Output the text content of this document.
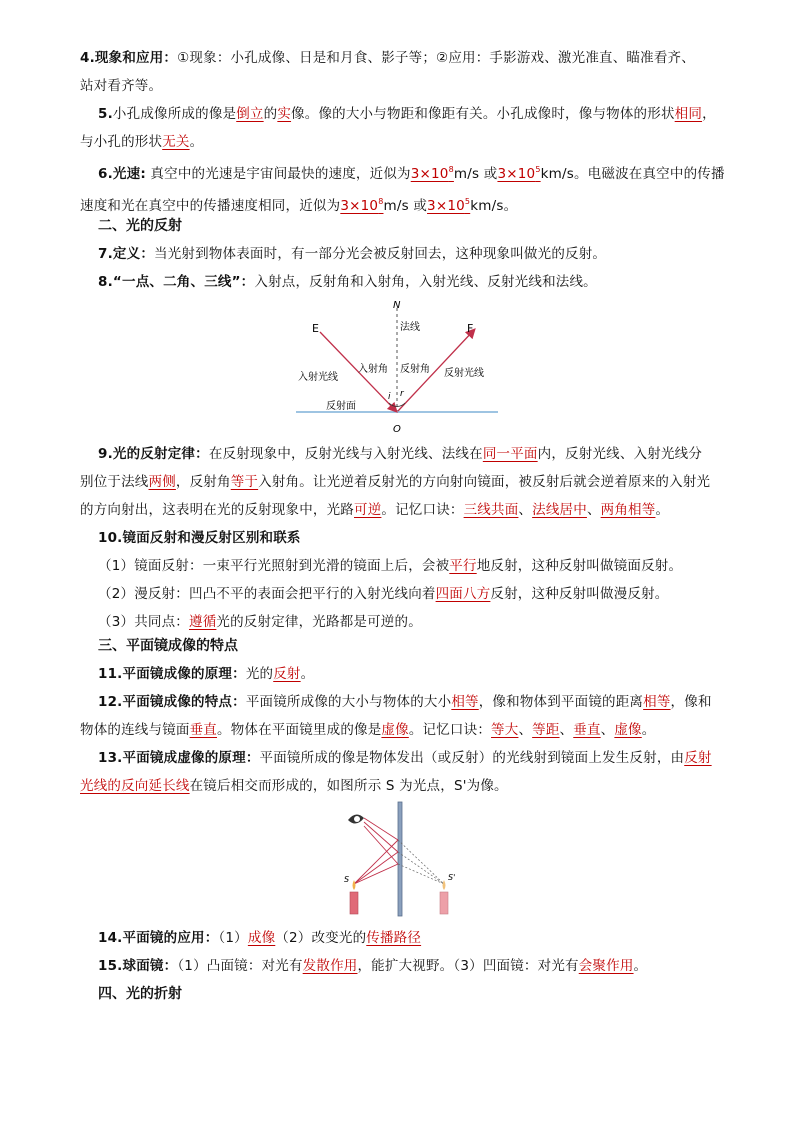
4.现象和应用：①现象：小孔成像、日是和月食、影子等；②应用：手影游戏、激光准直、瞄准看齐、
站对看齐等。
5.小孔成像所成的像是倒立的实像。像的大小与物距和像距有关。小孔成像时，像与物体的形状相同，
与小孔的形状无关。
6.光速: 真空中的光速是宇宙间最快的速度，近似为$3\times 10^8m/s$ 或$3\times 10^5km/s$。电磁波在真空中的传播
速度和光在真空中的传播速度相同，近似为$3\times 10^8m/s$ 或$3\times 10^5km/s$。
二、光的反射
7.定义：当光射到物体表面时，有一部分光会被反射回去，这种现象叫做光的反射。
8.“一点、二角、三线”：入射点，反射角和入射角，入射光线、反射光线和法线。
N
法线
E	F
入射角 反射角
入射光线	反射光线
i r
反射面
O
9.光的反射定律：在反射现象中，反射光线与入射光线、法线在同一平面内，反射光线、入射光线分
别位于法线两侧，反射角等于入射角。让光逆着反射光的方向射向镜面，被反射后就会逆着原来的入射光
的方向射出，这表明在光的反射现象中，光路可逆。记忆口诀：三线共面、法线居中、两角相等。
10.镜面反射和漫反射区别和联系
（1）镜面反射：一束平行光照射到光滑的镜面上后，会被平行地反射，这种反射叫做镜面反射。
（2）漫反射：凹凸不平的表面会把平行的入射光线向着四面八方反射，这种反射叫做漫反射。
（3）共同点：遵循光的反射定律，光路都是可逆的。
三、平面镜成像的特点
11.平面镜成像的原理：光的反射。
12.平面镜成像的特点：平面镜所成像的大小与物体的大小相等，像和物体到平面镜的距离相等，像和
物体的连线与镜面垂直。物体在平面镜里成的像是虚像。记忆口诀：等大、等距、垂直、虚像。
13.平面镜成虚像的原理：平面镜所成的像是物体发出（或反射）的光线射到镜面上发生反射，由反射
光线的反向延长线在镜后相交而形成的，如图所示 S 为光点，S'为像。
S	S'
14.平面镜的应用：（1）成像（2）改变光的传播路径
15.球面镜：（1）凸面镜：对光有发散作用，能扩大视野。（3）凹面镜：对光有会聚作用。
四、光的折射
